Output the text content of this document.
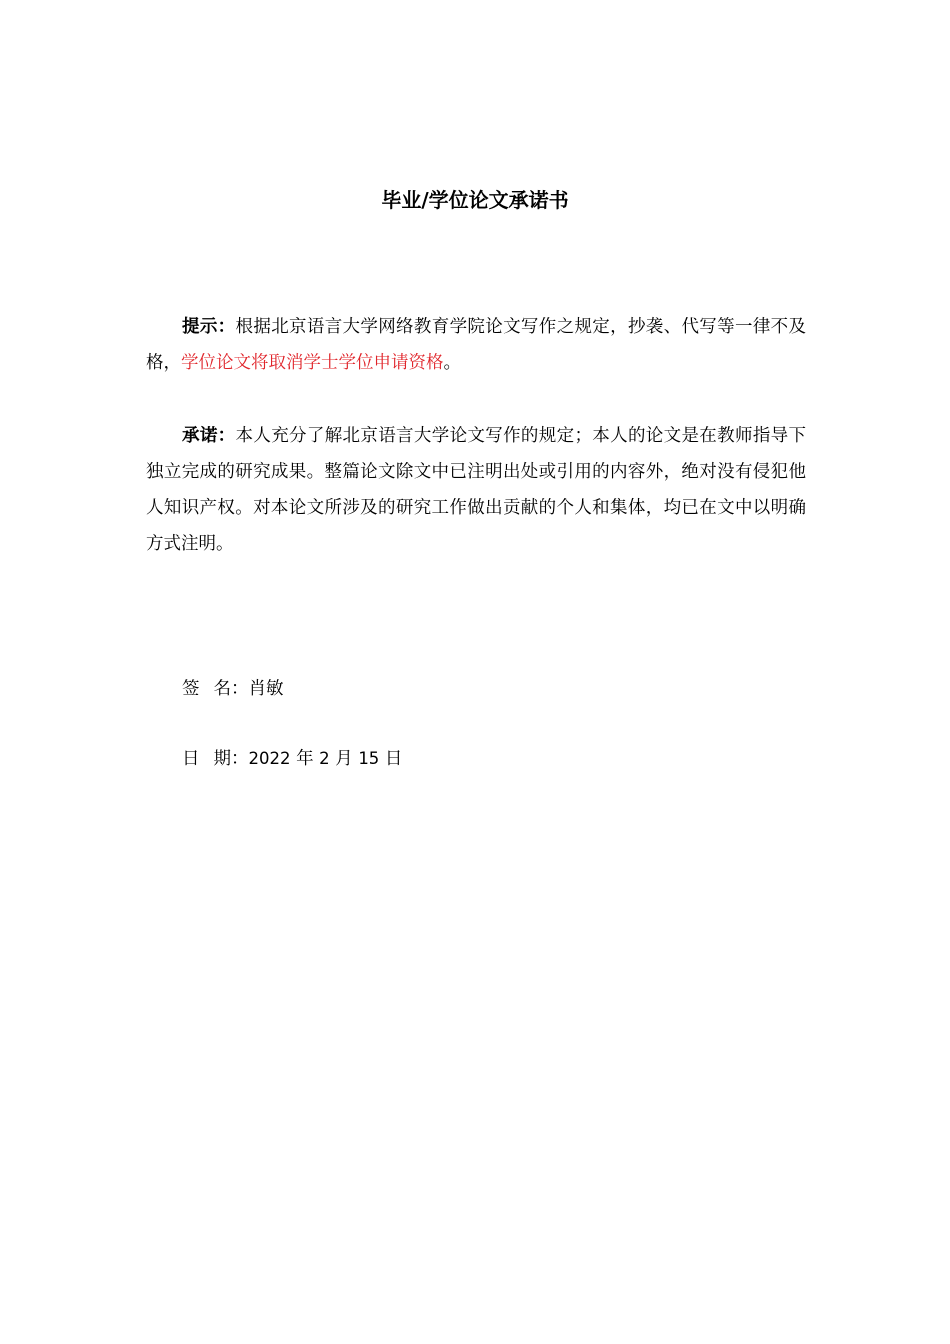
毕业/学位论文承诺书
提示：根据北京语言大学网络教育学院论文写作之规定，抄袭、代写等一律不及格，学位论文将取消学士学位申请资格。
承诺：本人充分了解北京语言大学论文写作的规定；本人的论文是在教师指导下独立完成的研究成果。整篇论文除文中已注明出处或引用的内容外，绝对没有侵犯他人知识产权。对本论文所涉及的研究工作做出贡献的个人和集体，均已在文中以明确方式注明。
签名：肖敏
日期：2022 年 2 月 15 日
